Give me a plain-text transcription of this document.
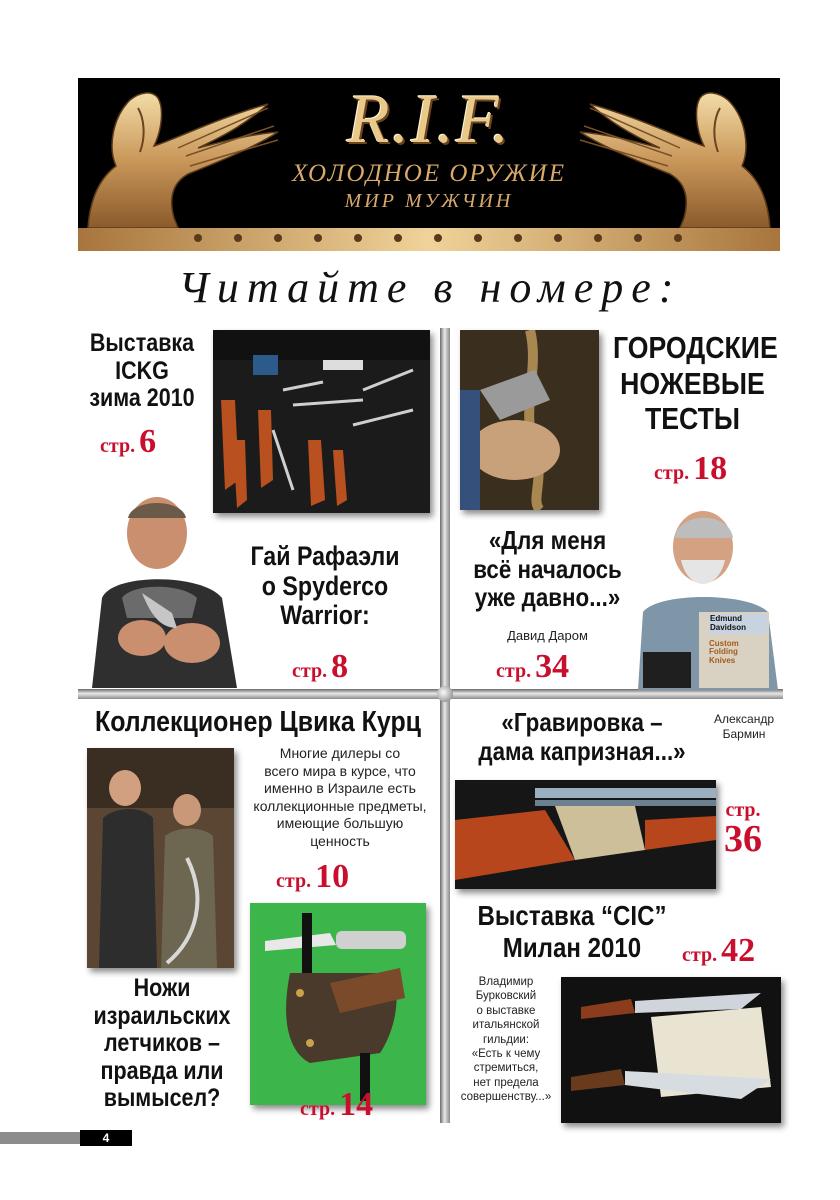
R.I.F.
ХОЛОДНОЕ ОРУЖИЕ
МИР МУЖЧИН
Читайте в номере:
Выставка
ICKG
зима 2010
стр. 6
ГОРОДСКИЕ
НОЖЕВЫЕ
ТЕСТЫ
стр. 18
Гай Рафаэли
о Spyderco
Warrior:
стр. 8
«Для меня
всё началось
уже давно...»
Давид Даром
стр. 34
Edmund Davidson
Custom
Folding
Knives
Коллекционер Цвика Курц
Многие дилеры со
всего мира в курсе, что
именно в Израиле есть
коллекционные предметы,
имеющие большую
ценность
стр. 10
Ножи
израильских
летчиков –
правда или
вымысел?	стр. 14
«Гравировка –
дама капризная...»
Александр
Бармин
стр.
36
Выставка “CIC”
Милан 2010	стр. 42
Владимир
Бурковский
о выставке
итальянской
гильдии:
«Есть к чему
стремиться,
нет предела
совершенству...»
4
